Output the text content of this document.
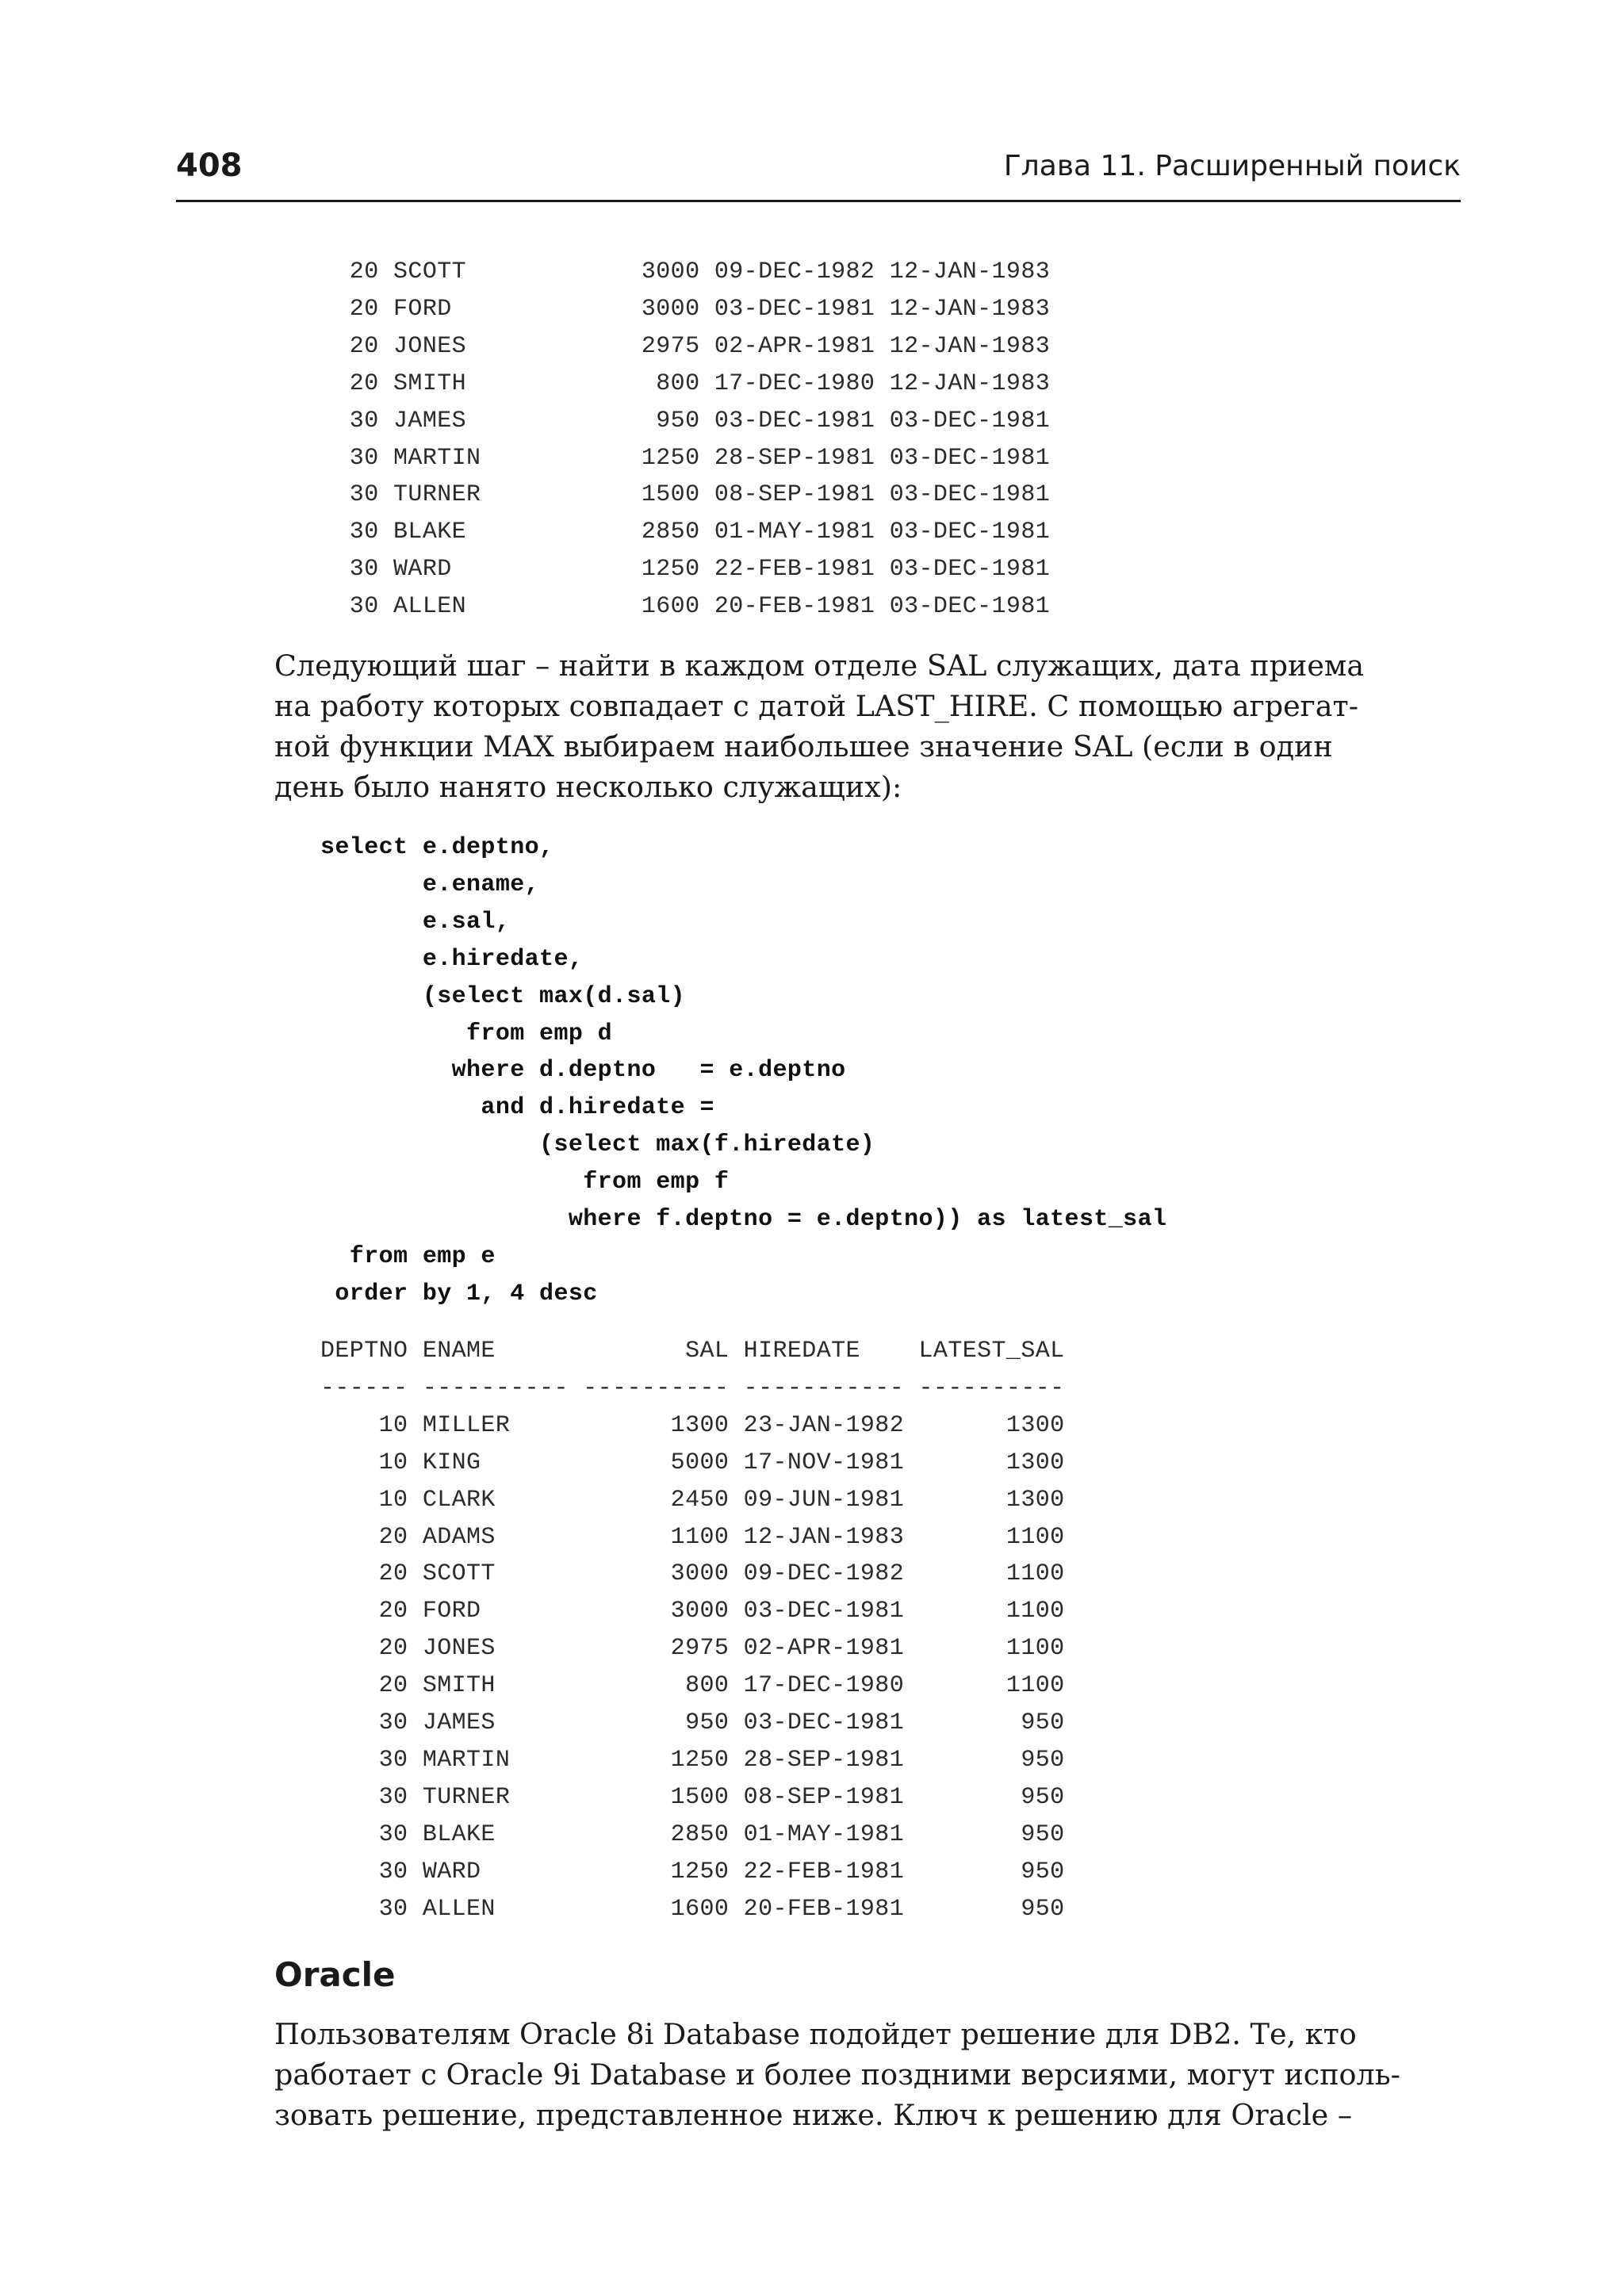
408	Глава 11. Расширенный поиск
20 SCOTT            3000 09-DEC-1982 12-JAN-1983
20 FORD             3000 03-DEC-1981 12-JAN-1983
20 JONES            2975 02-APR-1981 12-JAN-1983
20 SMITH             800 17-DEC-1980 12-JAN-1983
30 JAMES             950 03-DEC-1981 03-DEC-1981
30 MARTIN           1250 28-SEP-1981 03-DEC-1981
30 TURNER           1500 08-SEP-1981 03-DEC-1981
30 BLAKE            2850 01-MAY-1981 03-DEC-1981
30 WARD             1250 22-FEB-1981 03-DEC-1981
30 ALLEN            1600 20-FEB-1981 03-DEC-1981
Следующий шаг – найти в каждом отделе SAL служащих, дата приема
на работу которых совпадает с датой LAST_HIRE. С помощью агрегат-
ной функции MAX выбираем наибольшее значение SAL (если в один
день было нанято несколько служащих):
select e.deptno,
e.ename,
e.sal,
e.hiredate,
(select max(d.sal)
from emp d
where d.deptno   = e.deptno
and d.hiredate =
(select max(f.hiredate)
from emp f
where f.deptno = e.deptno)) as latest_sal
from emp e
order by 1, 4 desc
DEPTNO ENAME             SAL HIREDATE    LATEST_SAL
------ ---------- ---------- ----------- ----------
10 MILLER           1300 23-JAN-1982       1300
10 KING             5000 17-NOV-1981       1300
10 CLARK            2450 09-JUN-1981       1300
20 ADAMS            1100 12-JAN-1983       1100
20 SCOTT            3000 09-DEC-1982       1100
20 FORD             3000 03-DEC-1981       1100
20 JONES            2975 02-APR-1981       1100
20 SMITH             800 17-DEC-1980       1100
30 JAMES             950 03-DEC-1981        950
30 MARTIN           1250 28-SEP-1981        950
30 TURNER           1500 08-SEP-1981        950
30 BLAKE            2850 01-MAY-1981        950
30 WARD             1250 22-FEB-1981        950
30 ALLEN            1600 20-FEB-1981        950
Oracle
Пользователям Oracle 8i Database подойдет решение для DB2. Те, кто
работает с Oracle 9i Database и более поздними версиями, могут исполь-
зовать решение, представленное ниже. Ключ к решению для Oracle –
